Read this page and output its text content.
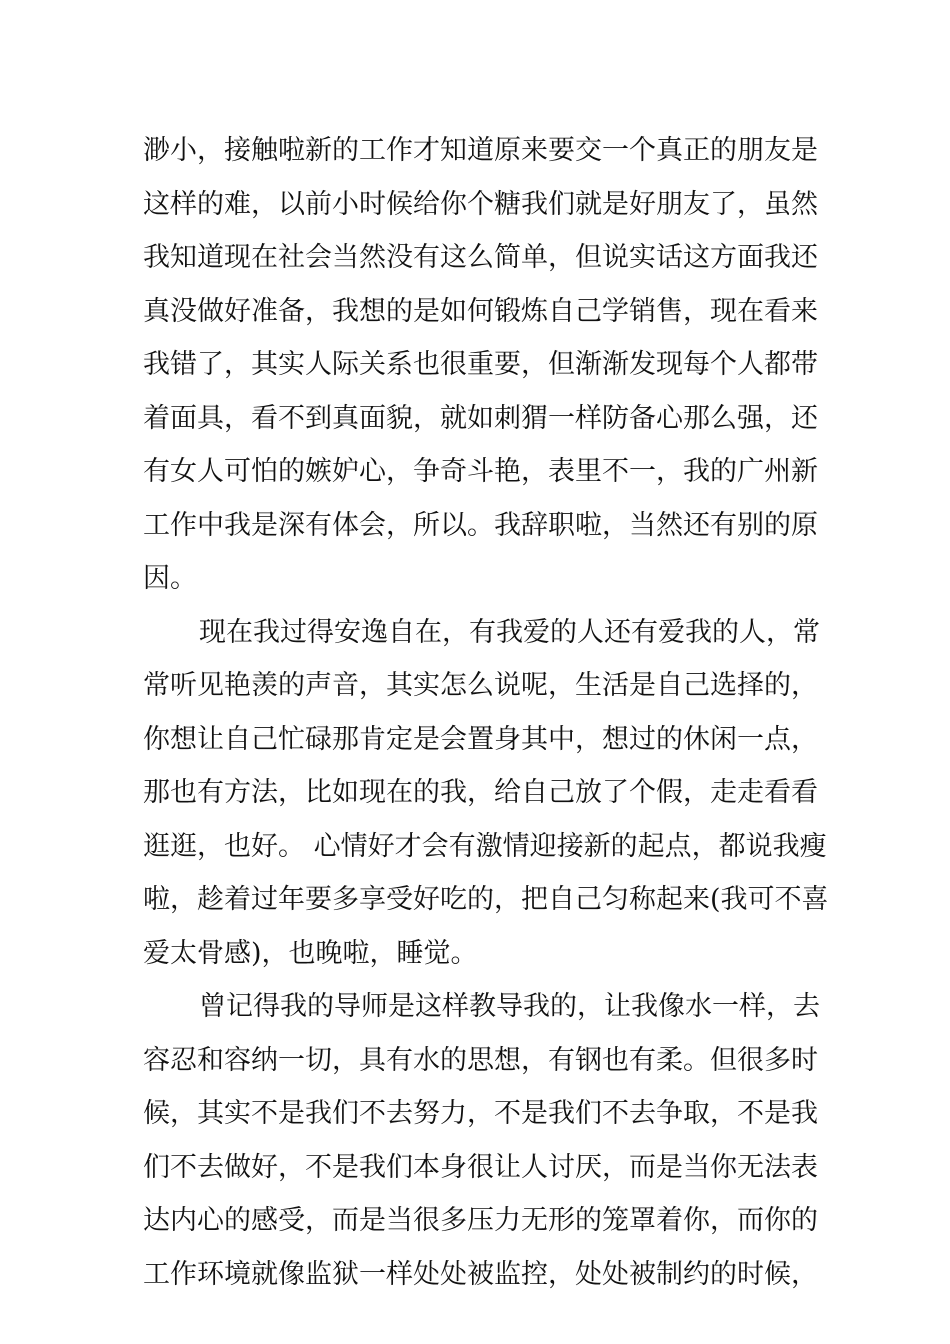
渺小，接触啦新的工作才知道原来要交一个真正的朋友是
这样的难，以前小时候给你个糖我们就是好朋友了，虽然
我知道现在社会当然没有这么简单，但说实话这方面我还
真没做好准备，我想的是如何锻炼自己学销售，现在看来
我错了，其实人际关系也很重要，但渐渐发现每个人都带
着面具，看不到真面貌，就如刺猬一样防备心那么强，还
有女人可怕的嫉妒心，争奇斗艳，表里不一，我的广州新
工作中我是深有体会，所以。我辞职啦，当然还有别的原
因。
现在我过得安逸自在，有我爱的人还有爱我的人，常
常听见艳羡的声音，其实怎么说呢，生活是自己选择的，
你想让自己忙碌那肯定是会置身其中，想过的休闲一点，
那也有方法，比如现在的我，给自己放了个假，走走看看
逛逛，也好。 心情好才会有激情迎接新的起点，都说我瘦
啦，趁着过年要多享受好吃的，把自己匀称起来(我可不喜
爱太骨感)，也晚啦，睡觉。
曾记得我的导师是这样教导我的，让我像水一样，去
容忍和容纳一切，具有水的思想，有钢也有柔。但很多时
候，其实不是我们不去努力，不是我们不去争取，不是我
们不去做好，不是我们本身很让人讨厌，而是当你无法表
达内心的感受，而是当很多压力无形的笼罩着你，而你的
工作环境就像监狱一样处处被监控，处处被制约的时候，
